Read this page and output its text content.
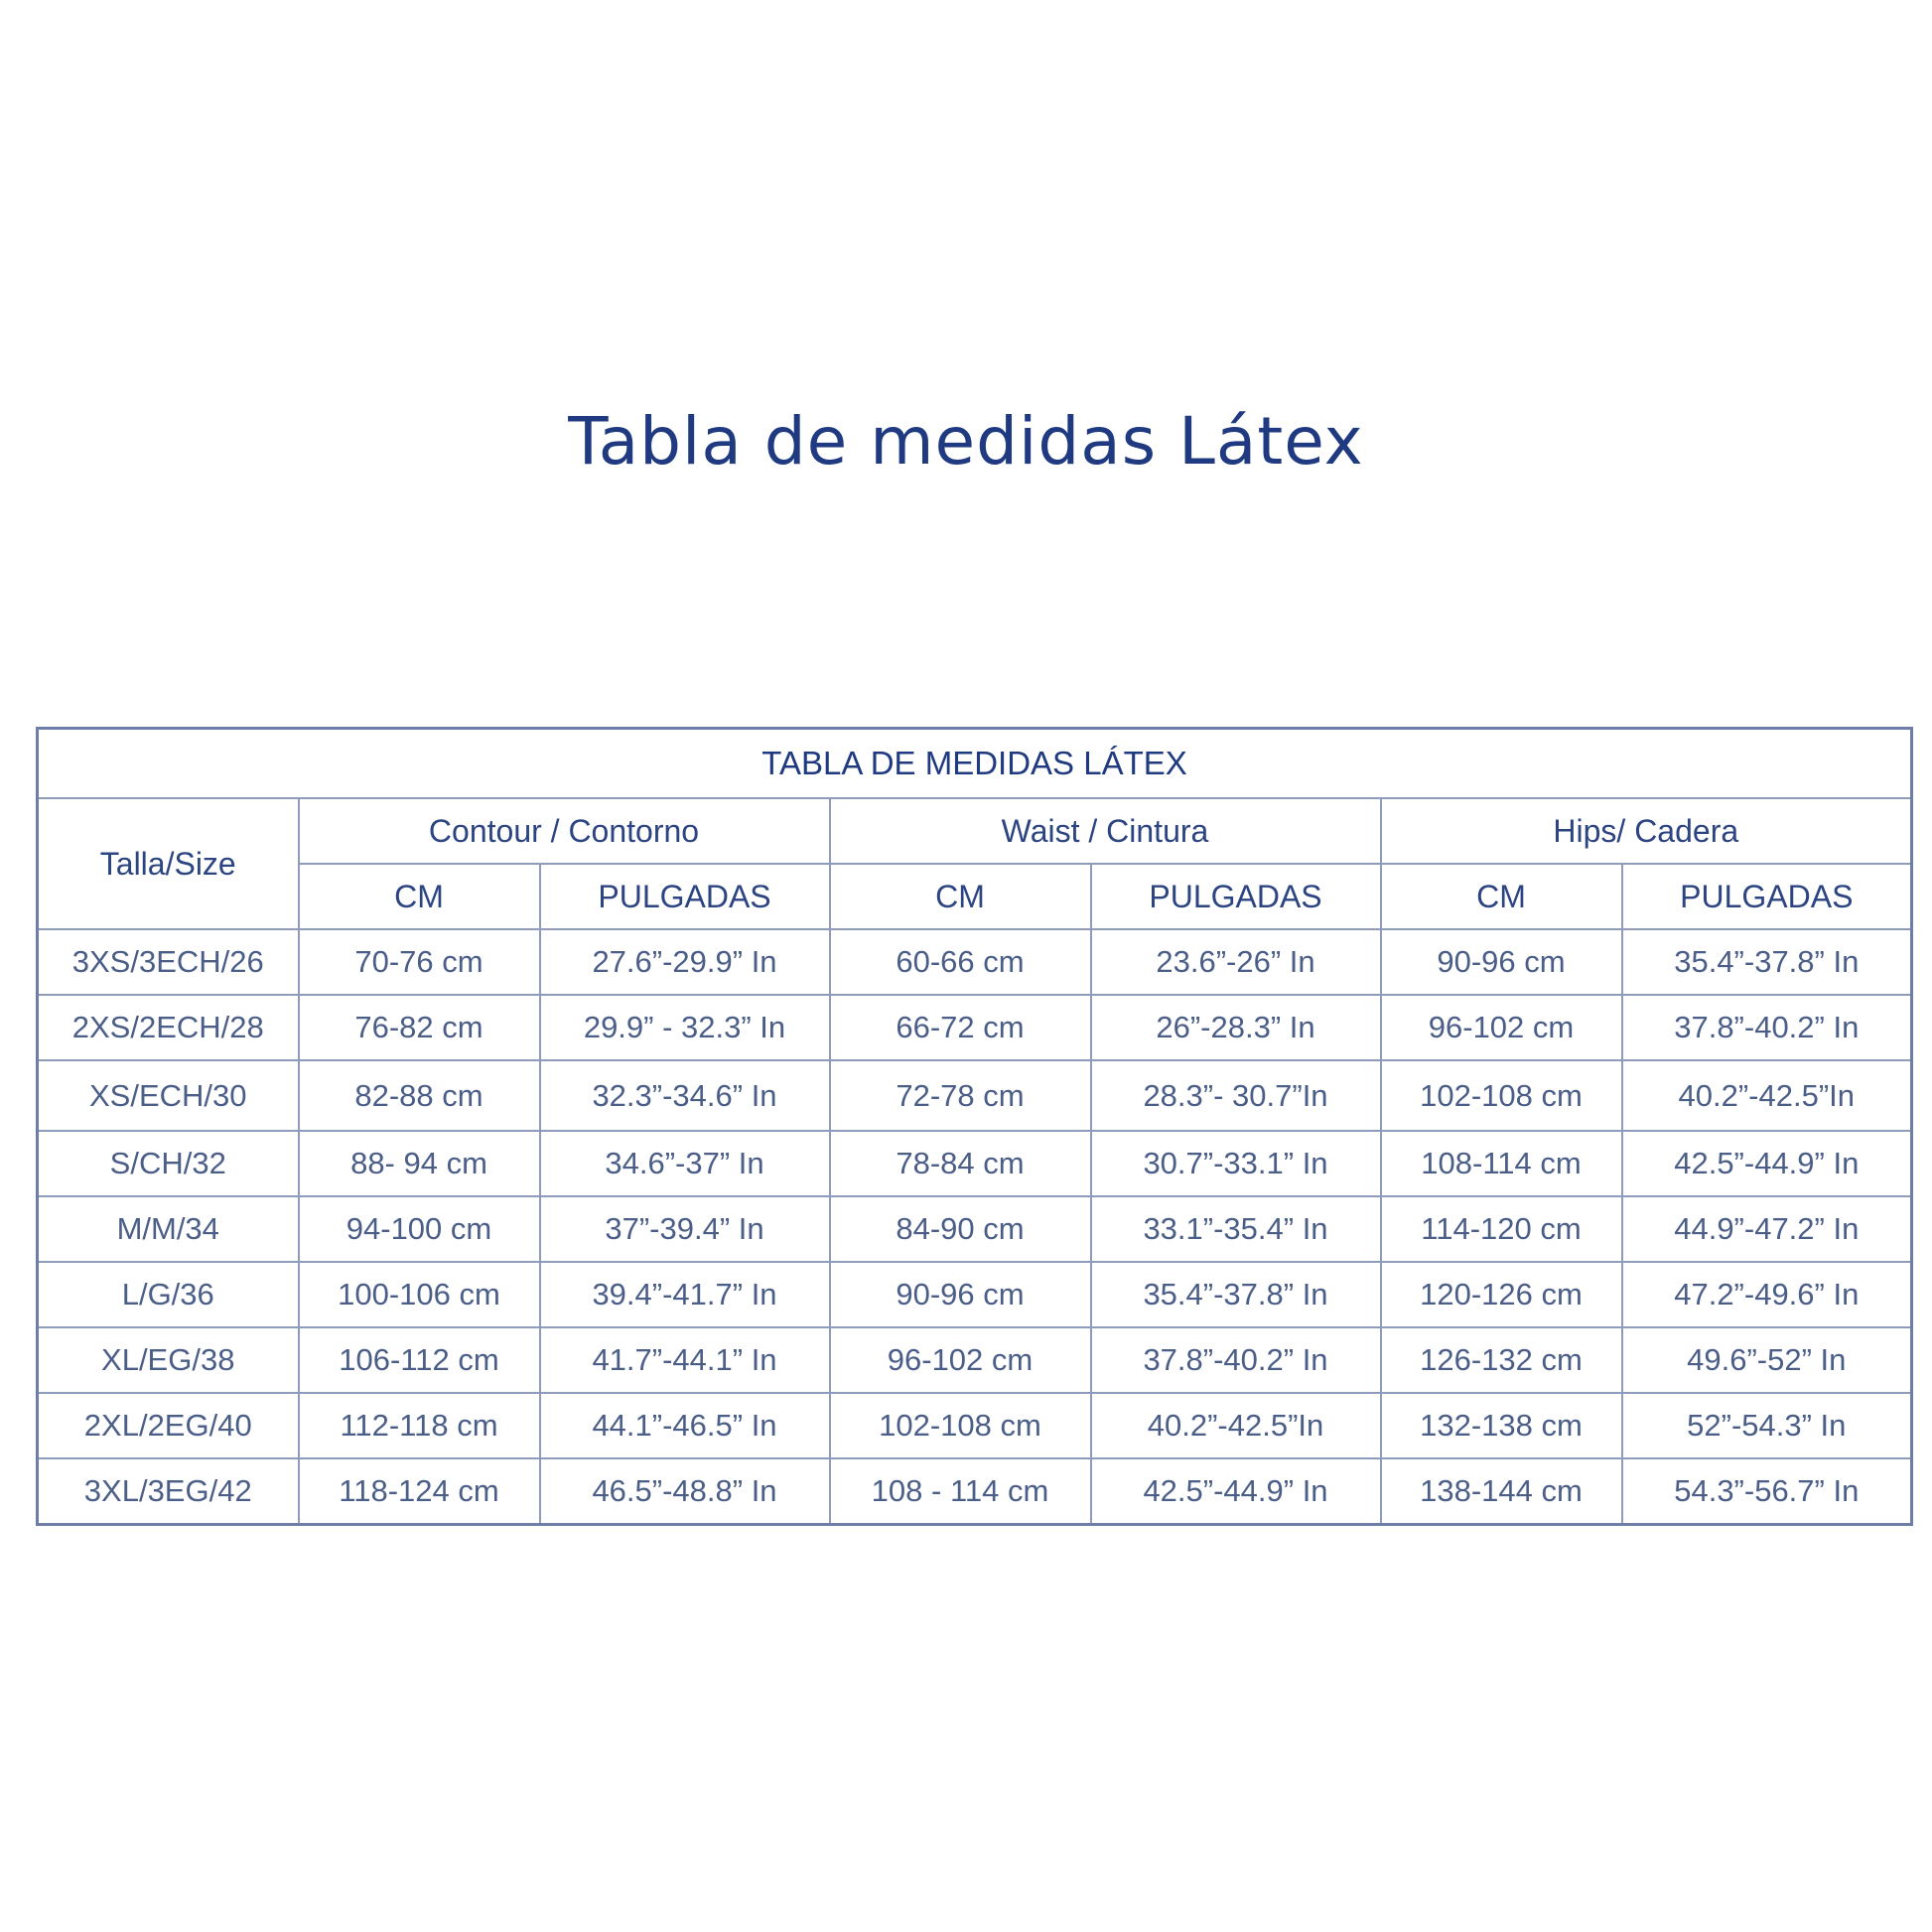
Tabla de medidas Látex
TABLA DE MEDIDAS LÁTEX						
Talla/Size	Contour / Contorno		Waist / Cintura		Hips/ Cadera	
	CM	PULGADAS	CM	PULGADAS	CM	PULGADAS
3XS/3ECH/26	70-76 cm	27.6”-29.9” In	60-66 cm	23.6”-26” In	90-96 cm	35.4”-37.8” In
2XS/2ECH/28	76-82 cm	29.9” - 32.3” In	66-72 cm	26”-28.3” In	96-102 cm	37.8”-40.2” In
XS/ECH/30	82-88 cm	32.3”-34.6” In	72-78 cm	28.3”- 30.7”In	102-108 cm	40.2”-42.5”In
S/CH/32	88- 94 cm	34.6”-37” In	78-84 cm	30.7”-33.1” In	108-114 cm	42.5”-44.9” In
M/M/34	94-100 cm	37”-39.4” In	84-90 cm	33.1”-35.4” In	114-120 cm	44.9”-47.2” In
L/G/36	100-106 cm	39.4”-41.7” In	90-96 cm	35.4”-37.8” In	120-126 cm	47.2”-49.6” In
XL/EG/38	106-112 cm	41.7”-44.1” In	96-102 cm	37.8”-40.2” In	126-132 cm	49.6”-52” In
2XL/2EG/40	112-118 cm	44.1”-46.5” In	102-108 cm	40.2”-42.5”In	132-138 cm	52”-54.3” In
3XL/3EG/42	118-124 cm	46.5”-48.8” In	108 - 114 cm	42.5”-44.9” In	138-144 cm	54.3”-56.7” In
